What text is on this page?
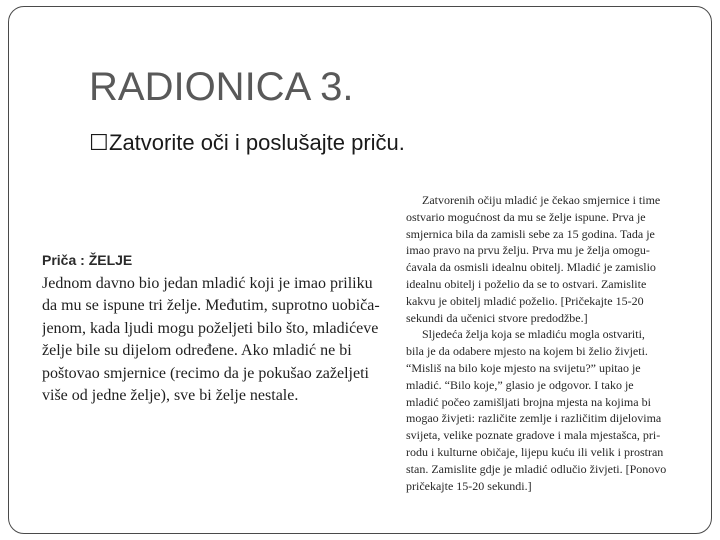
RADIONICA 3.
☐Zatvorite oči i poslušajte priču.
Priča : ŽELJE
Jednom davno bio jedan mladić koji je imao priliku
da mu se ispune tri želje. Međutim, suprotno uobiča-
jenom, kada ljudi mogu poželjeti bilo što, mladićeve
želje bile su dijelom određene. Ako mladić ne bi
poštovao smjernice (recimo da je pokušao zaželjeti
više od jedne želje), sve bi želje nestale.
Zatvorenih očiju mladić je čekao smjernice i time
ostvario mogućnost da mu se želje ispune. Prva je
smjernica bila da zamisli sebe za 15 godina. Tada je
imao pravo na prvu želju. Prva mu je želja omogu-
ćavala da osmisli idealnu obitelj. Mladić je zamislio
idealnu obitelj i poželio da se to ostvari. Zamislite
kakvu je obitelj mladić poželio. [Pričekajte 15-20
sekundi da učenici stvore predodžbe.]
Sljedeća želja koja se mladiću mogla ostvariti,
bila je da odabere mjesto na kojem bi želio živjeti.
“Misliš na bilo koje mjesto na svijetu?” upitao je
mladić. “Bilo koje,” glasio je odgovor. I tako je
mladić počeo zamišljati brojna mjesta na kojima bi
mogao živjeti: različite zemlje i različitim dijelovima
svijeta, velike poznate gradove i mala mjestašca, pri-
rodu i kulturne običaje, lijepu kuću ili velik i prostran
stan. Zamislite gdje je mladić odlučio živjeti. [Ponovo
pričekajte 15-20 sekundi.]
